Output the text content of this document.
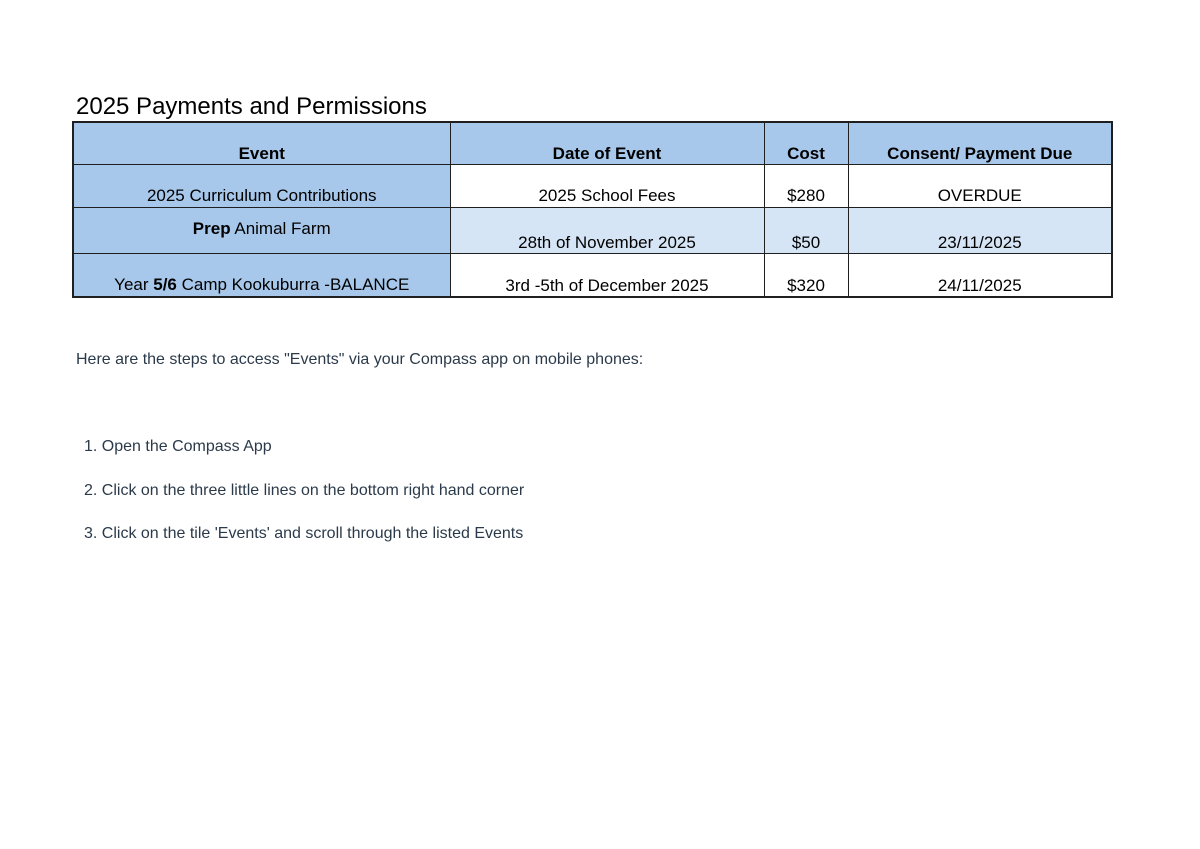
2025 Payments and Permissions
Event	Date of Event	Cost	Consent/ Payment Due
2025 Curriculum Contributions	2025 School Fees	$280	OVERDUE
Prep Animal Farm	28th of November 2025	$50	23/11/2025
Year 5/6 Camp Kookuburra -BALANCE	3rd -5th of December 2025	$320	24/11/2025

Here are the steps to access "Events" via your Compass app on mobile phones:

1. Open the Compass App
2. Click on the three little lines on the bottom right hand corner
3. Click on the tile 'Events' and scroll through the listed Events
